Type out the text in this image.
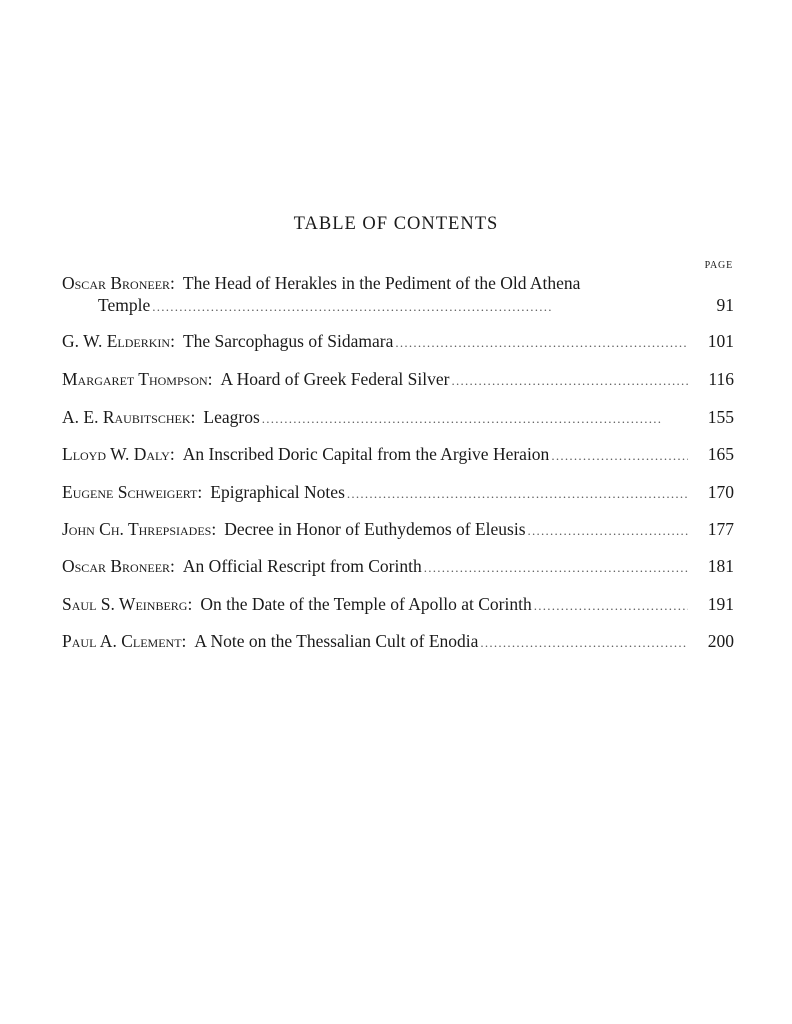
TABLE OF CONTENTS
PAGE
Oscar Broneer : The Head of Herakles in the Pediment of the Old Athena
Temple . . .	91
G. W. Elderkin : The Sarcophagus of Sidamara . . .	101
Margaret Thompson : A Hoard of Greek Federal Silver . . .	116
A. E. Raubitschek : Leagros . . .	155
Lloyd W. Daly : An Inscribed Doric Capital from the Argive Heraion . . .	165
Eugene Schweigert : Epigraphical Notes . . .	170
John Ch. Threpsiades : Decree in Honor of Euthydemos of Eleusis . . .	177
Oscar Broneer : An Official Rescript from Corinth . . .	181
Saul S. Weinberg : On the Date of the Temple of Apollo at Corinth . . .	191
Paul A. Clement : A Note on the Thessalian Cult of Enodia . . .	200
